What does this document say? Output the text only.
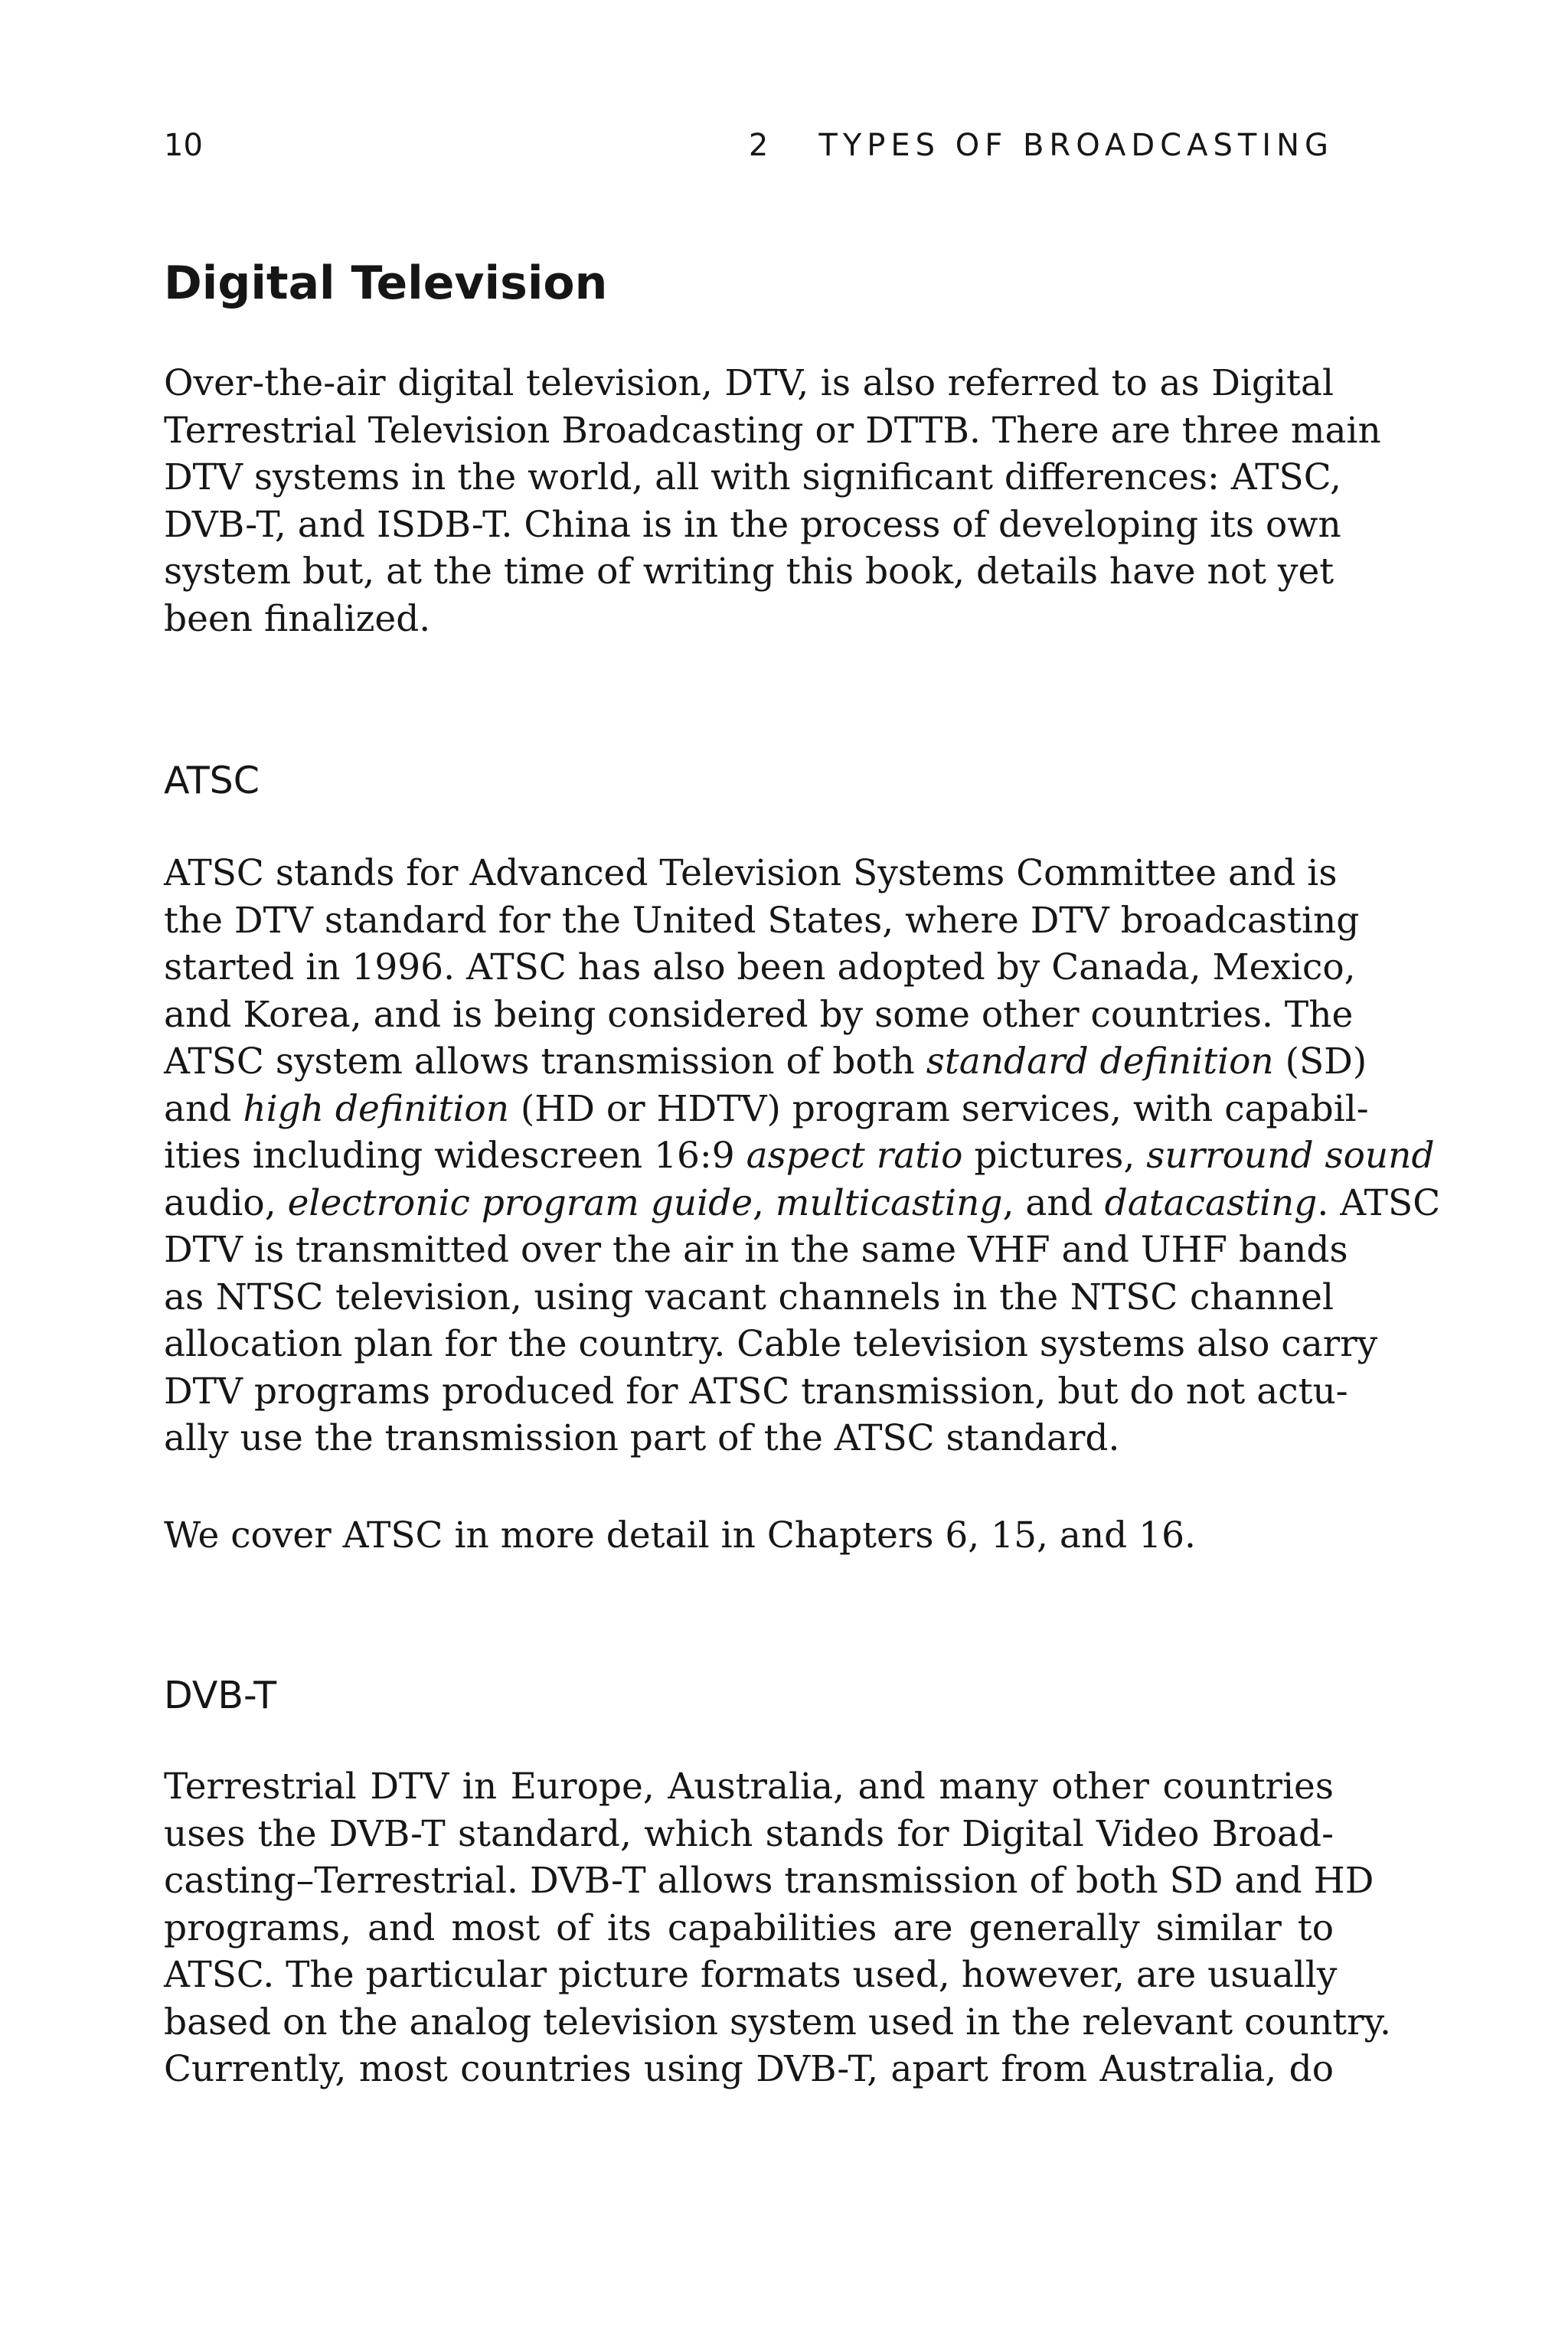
10	2   TYPES OF BROADCASTING
Digital Television
Over-the-air digital television, DTV, is also referred to as Digital
Terrestrial Television Broadcasting or DTTB. There are three main
DTV systems in the world, all with significant differences: ATSC,
DVB-T, and ISDB-T. China is in the process of developing its own
system but, at the time of writing this book, details have not yet
been finalized.
ATSC
ATSC stands for Advanced Television Systems Committee and is
the DTV standard for the United States, where DTV broadcasting
started in 1996. ATSC has also been adopted by Canada, Mexico,
and Korea, and is being considered by some other countries. The
ATSC system allows transmission of both standard definition (SD)
and high definition (HD or HDTV) program services, with capabil-
ities including widescreen 16:9 aspect ratio pictures, surround sound
audio, electronic program guide, multicasting, and datacasting. ATSC
DTV is transmitted over the air in the same VHF and UHF bands
as NTSC television, using vacant channels in the NTSC channel
allocation plan for the country. Cable television systems also carry
DTV programs produced for ATSC transmission, but do not actu-
ally use the transmission part of the ATSC standard.
We cover ATSC in more detail in Chapters 6, 15, and 16.
DVB-T
Terrestrial DTV in Europe, Australia, and many other countries
uses the DVB-T standard, which stands for Digital Video Broad-
casting–Terrestrial. DVB-T allows transmission of both SD and HD
programs, and most of its capabilities are generally similar to
ATSC. The particular picture formats used, however, are usually
based on the analog television system used in the relevant country.
Currently, most countries using DVB-T, apart from Australia, do
